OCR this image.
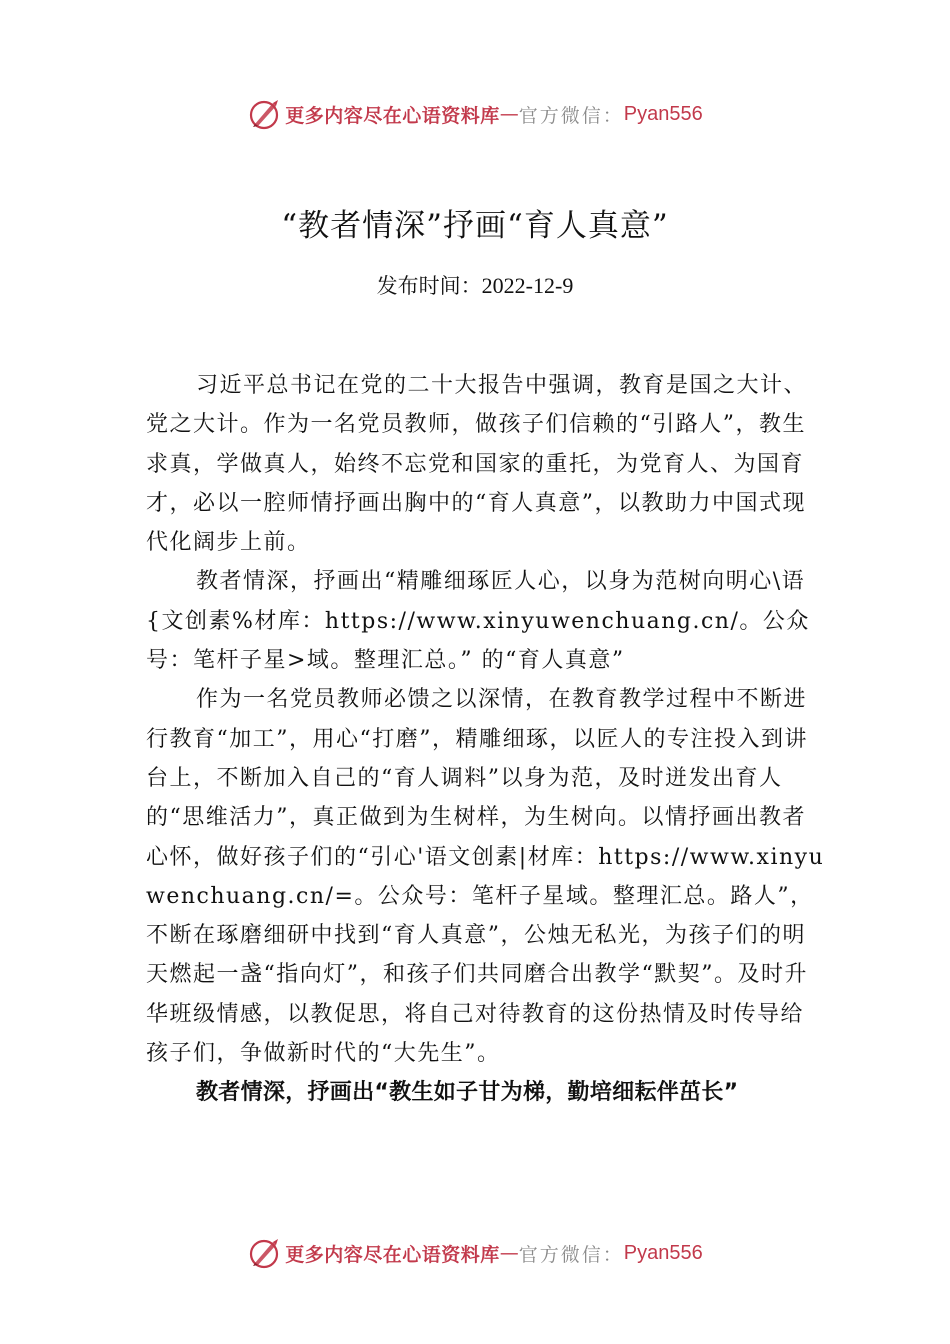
更多内容尽在心语资料库 — 官方微信： Pyan556
“教者情深”抒画“育人真意”
发布时间：2022-12-9

习近平总书记在党的二十大报告中强调，教育是国之大计、党之大计。作为一名党员教师，做孩子们信赖的“引路人”，教生求真，学做真人，始终不忘党和国家的重托，为党育人、为国育才，必以一腔师情抒画出胸中的“育人真意”，以教助力中国式现代化阔步上前。

教者情深，抒画出“精雕细琢匠人心，以身为范树向明心\语{文创素%材库：https://www.xinyuwenchuang.cn/。公众号：笔杆子星>域。整理汇总。” 的“育人真意”

作为一名党员教师必馈之以深情，在教育教学过程中不断进行教育“加工”，用心“打磨”，精雕细琢，以匠人的专注投入到讲台上，不断加入自己的“育人调料”以身为范，及时迸发出育人的“思维活力”，真正做到为生树样，为生树向。以情抒画出教者心怀，做好孩子们的“引心'语文创素|材库：https://www.xinyuwenchuang.cn/=。公众号：笔杆子星域。整理汇总。路人”，不断在琢磨细研中找到“育人真意”，公烛无私光，为孩子们的明天燃起一盏“指向灯”，和孩子们共同磨合出教学“默契”。及时升华班级情感，以教促思，将自己对待教育的这份热情及时传导给孩子们，争做新时代的“大先生”。

教者情深，抒画出“教生如子甘为梯，勤培细耘伴茁长”

更多内容尽在心语资料库 — 官方微信： Pyan556
